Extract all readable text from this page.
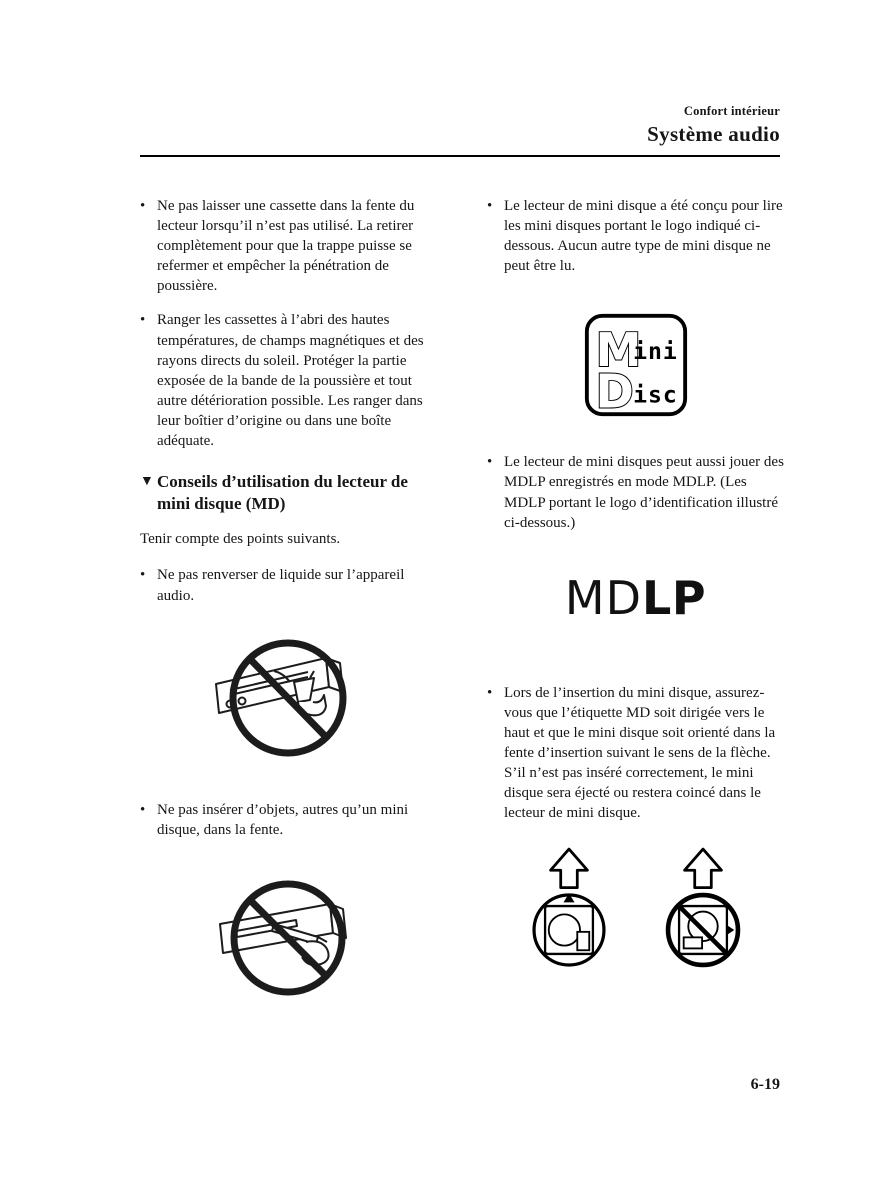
Confort intérieur
Système audio
• Ne pas laisser une cassette dans la fente du lecteur lorsqu’il n’est pas utilisé. La retirer complètement pour que la trappe puisse se refermer et empêcher la pénétration de poussière.
• Ranger les cassettes à l’abri des hautes températures, de champs magnétiques et des rayons directs du soleil. Protéger la partie exposée de la bande de la poussière et tout autre détérioration possible. Les ranger dans leur boîtier d’origine ou dans une boîte adéquate.
▼ Conseils d’utilisation du lecteur de mini disque (MD)
Tenir compte des points suivants.
• Ne pas renverser de liquide sur l’appareil audio.
• Ne pas insérer d’objets, autres qu’un mini disque, dans la fente.
• Le lecteur de mini disque a été conçu pour lire les mini disques portant le logo indiqué ci-dessous. Aucun autre type de mini disque ne peut être lu.
M
ini
D isc
• Le lecteur de mini disques peut aussi jouer des MDLP enregistrés en mode MDLP. (Les MDLP portant le logo d’identification illustré ci-dessous.)
MDLP
• Lors de l’insertion du mini disque, assurez-vous que l’étiquette MD soit dirigée vers le haut et que le mini disque soit orienté dans la fente d’insertion suivant le sens de la flèche. S’il n’est pas inséré correctement, le mini disque sera éjecté ou restera coincé dans le lecteur de mini disque.
6-19
